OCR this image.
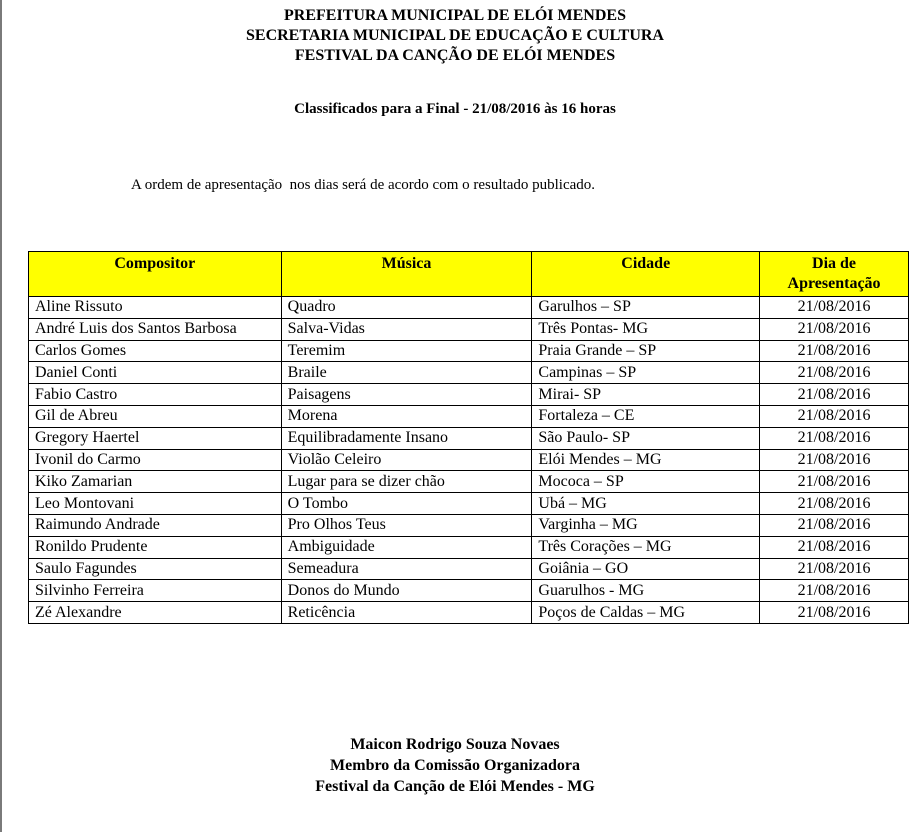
PREFEITURA MUNICIPAL DE ELÓI MENDES
SECRETARIA MUNICIPAL DE EDUCAÇÃO E CULTURA
FESTIVAL DA CANÇÃO DE ELÓI MENDES
Classificados para a Final - 21/08/2016 às 16 horas
A ordem de apresentação  nos dias será de acordo com o resultado publicado.
Compositor	Música	Cidade	Dia de Apresentação
Aline Rissuto	Quadro	Garulhos – SP	21/08/2016
André Luis dos Santos Barbosa	Salva-Vidas	Três Pontas- MG	21/08/2016
Carlos Gomes	Teremim	Praia Grande – SP	21/08/2016
Daniel Conti	Braile	Campinas – SP	21/08/2016
Fabio Castro	Paisagens	Mirai- SP	21/08/2016
Gil de Abreu	Morena	Fortaleza – CE	21/08/2016
Gregory Haertel	Equilibradamente Insano	São Paulo- SP	21/08/2016
Ivonil do Carmo	Violão Celeiro	Elói Mendes – MG	21/08/2016
Kiko Zamarian	Lugar para se dizer chão	Mococa – SP	21/08/2016
Leo Montovani	O Tombo	Ubá – MG	21/08/2016
Raimundo Andrade	Pro Olhos Teus	Varginha – MG	21/08/2016
Ronildo Prudente	Ambiguidade	Três Corações – MG	21/08/2016
Saulo Fagundes	Semeadura	Goiânia – GO	21/08/2016
Silvinho Ferreira	Donos do Mundo	Guarulhos - MG	21/08/2016
Zé Alexandre	Reticência	Poços de Caldas – MG	21/08/2016
Maicon Rodrigo Souza Novaes
Membro da Comissão Organizadora
Festival da Canção de Elói Mendes - MG
